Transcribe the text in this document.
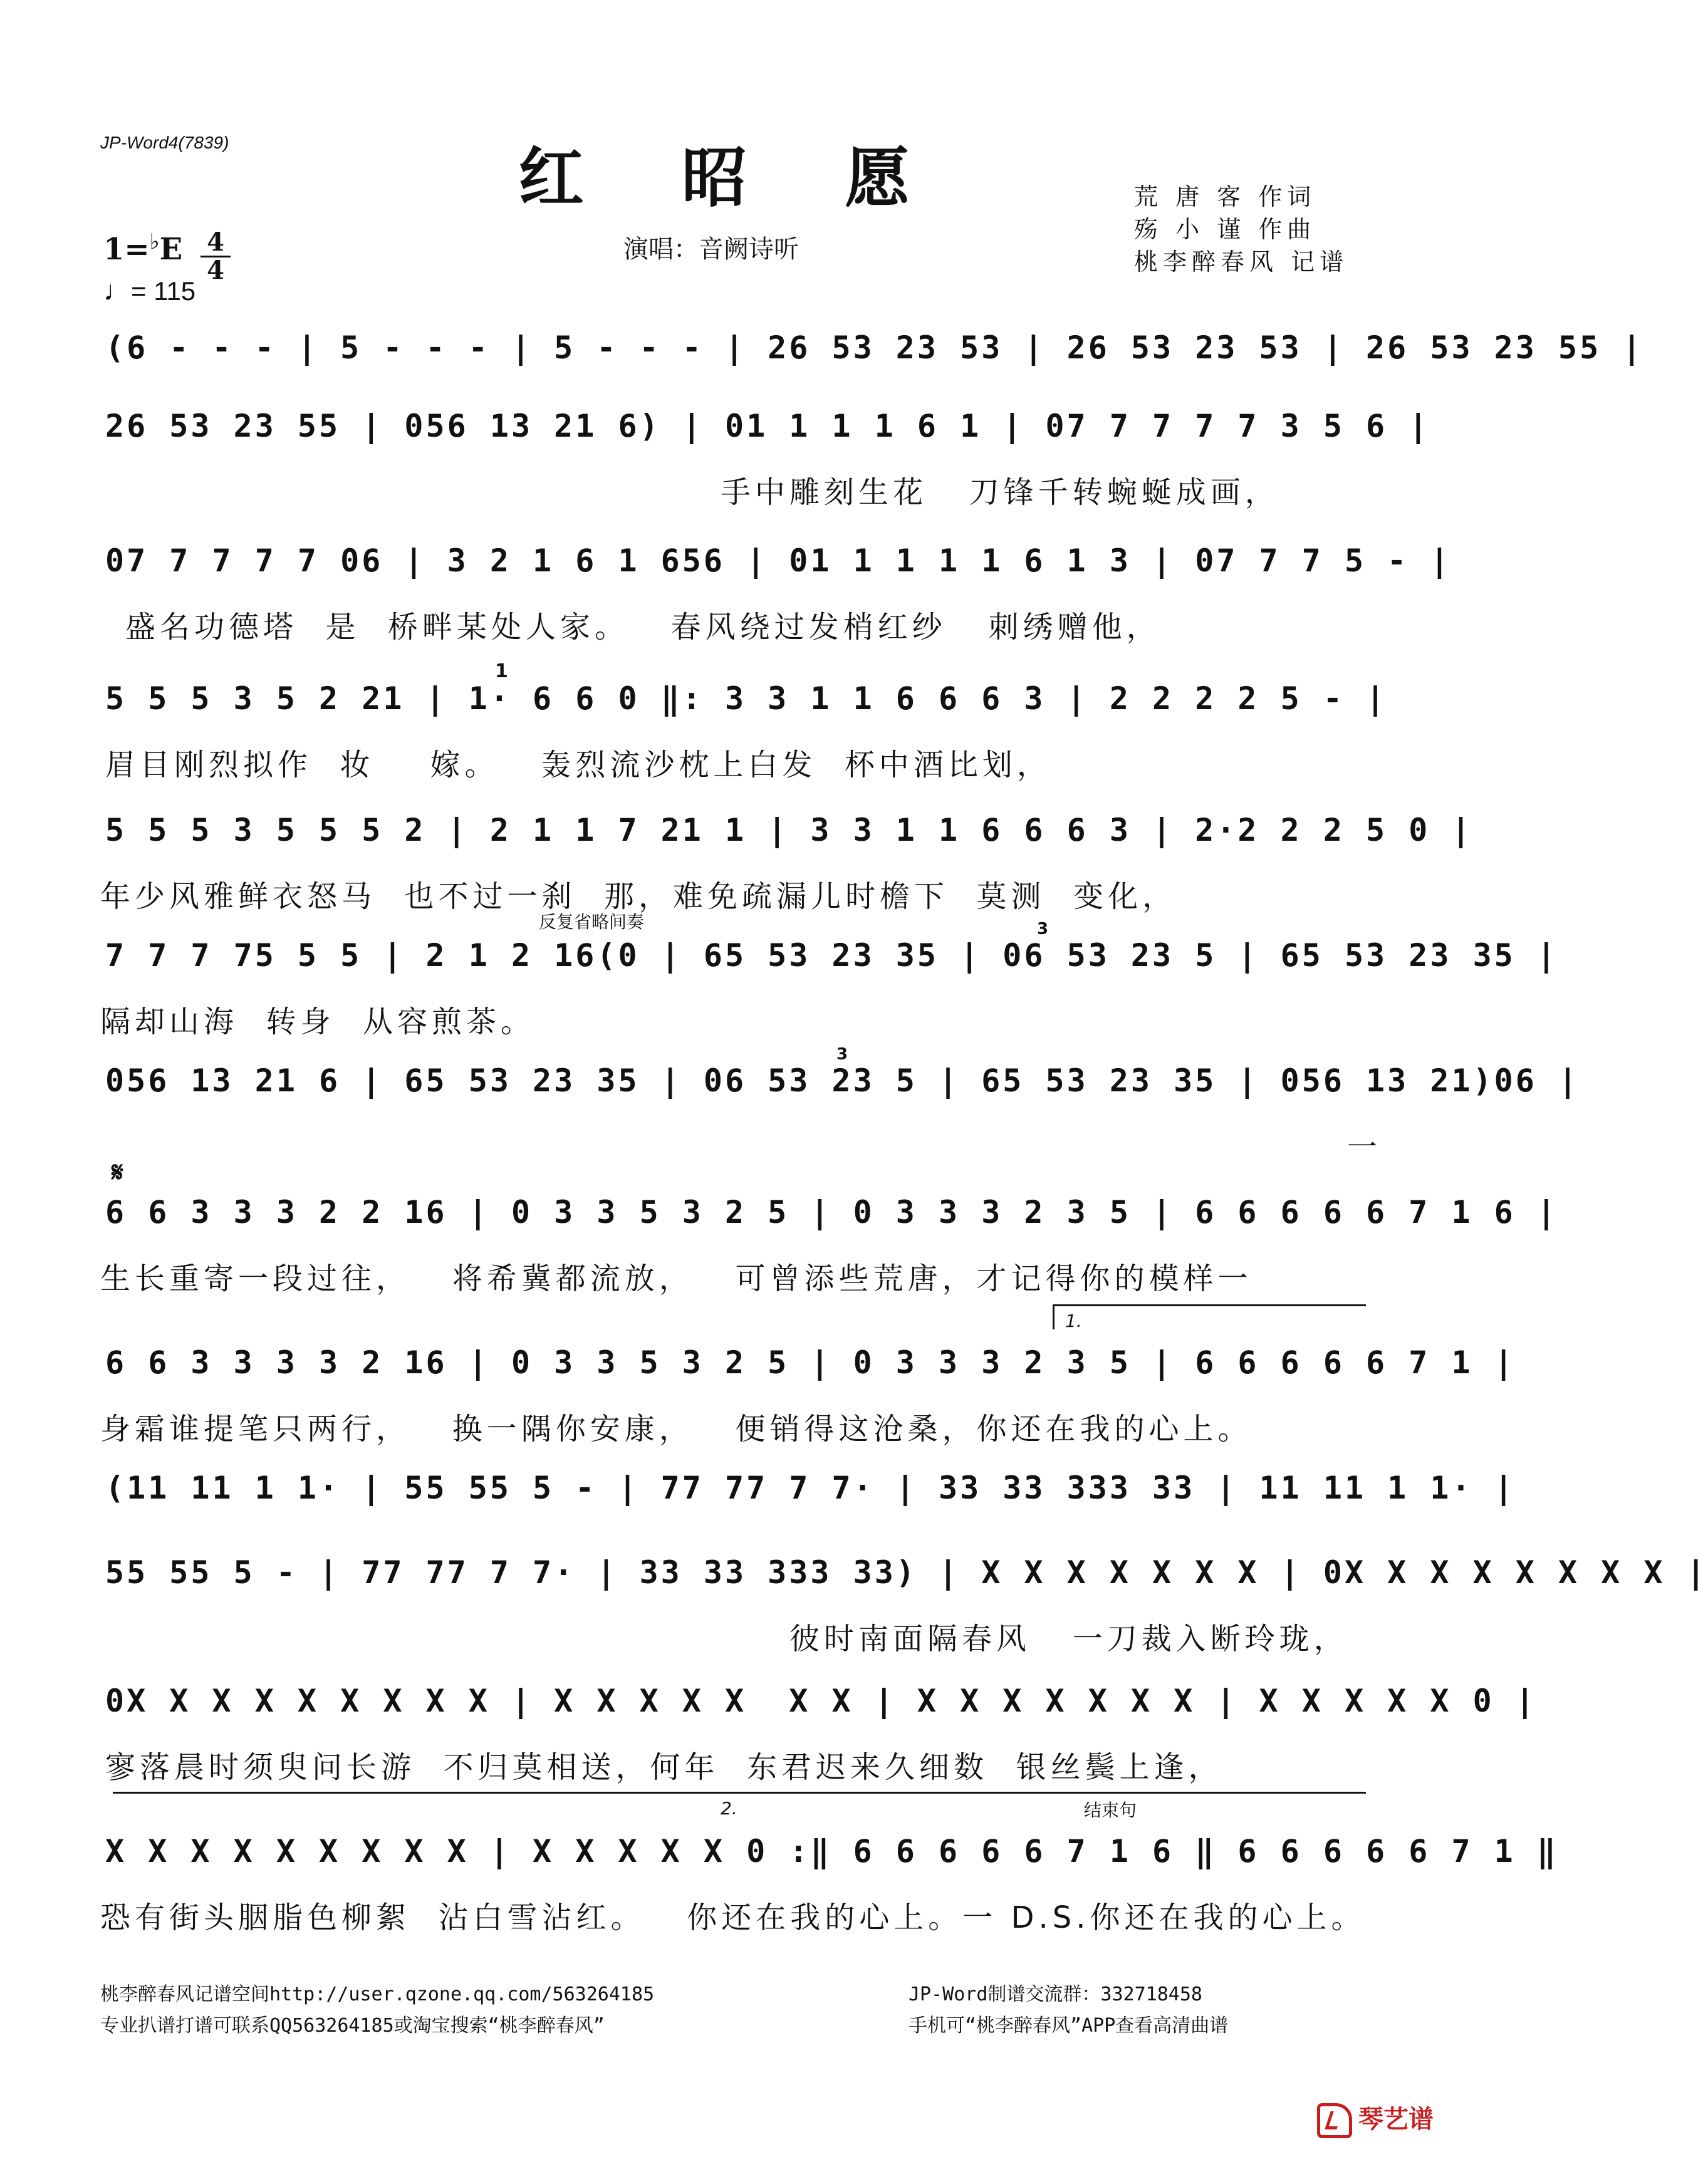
JP-Word4(7839)	红 昭 愿
演唱：音阙诗听
荒 唐 客 作词
殇 小 谨 作曲
桃李醉春风 记谱
1=♭E 4
4
♩= 115
(6 - - - | 5 - - - | 5 - - - | 26 53 23 53 | 26 53 23 53 | 26 53 23 55 |
26 53 23 55 | 056 13 21 6) | 01 1 1 1 6 1 | 07 7 7 7 7 3 5 6 |
手中雕刻生花   刀锋千转蜿蜒成画，
07 7 7 7 7 06 | 3 2 1 6 1 656 | 01 1 1 1 1 6 1 3 | 07 7 7 5 - |
盛名功德塔  是  桥畔某处人家。   春风绕过发梢红纱   刺绣赠他，
1
5 5 5 3 5 2 21 | 1· 6 6 0 ‖: 3 3 1 1 6 6 6 3 | 2 2 2 2 5 - |
眉目刚烈拟作  妆    嫁。   轰烈流沙枕上白发  杯中酒比划，
5 5 5 3 5 5 5 2 | 2 1 1 7 21 1 | 3 3 1 1 6 6 6 3 | 2·2 2 2 5 0 |
年少风雅鲜衣怒马  也不过一刹  那，难免疏漏儿时檐下  莫测  变化，
反复省略间奏	3
7 7 7 75 5 5 | 2 1 2 16(0 | 65 53 23 35 | 06 53 23 5 | 65 53 23 35 |
隔却山海  转身  从容煎茶。
3
056 13 21 6 | 65 53 23 35 | 06 53 23 5 | 65 53 23 35 | 056 13 21)06 |
一
𝄋
6 6 3 3 3 2 2 16 | 0 3 3 5 3 2 5 | 0 3 3 3 2 3 5 | 6 6 6 6 6 7 1 6 |
生长重寄一段过往，   将希冀都流放，   可曾添些荒唐，才记得你的模样一
1.
6 6 3 3 3 3 2 16 | 0 3 3 5 3 2 5 | 0 3 3 3 2 3 5 | 6 6 6 6 6 7 1 |
身霜谁提笔只两行，   换一隅你安康，   便销得这沧桑，你还在我的心上。
(11 11 1 1· | 55 55 5 - | 77 77 7 7· | 33 33 333 33 | 11 11 1 1· |
55 55 5 - | 77 77 7 7· | 33 33 333 33) | X X X X X X X | 0X X X X X X X X |
彼时南面隔春风   一刀裁入断玲珑，
0X X X X X X X X X | X X X X X  X X | X X X X X X X | X X X X X 0 |
寥落晨时须臾问长游  不归莫相送，何年  东君迟来久细数  银丝鬓上逢，
2.	结束句
X X X X X X X X X | X X X X X 0 :‖ 6 6 6 6 6 7 1 6 ‖ 6 6 6 6 6 7 1 ‖
恐有街头胭脂色柳絮  沾白雪沾红。   你还在我的心上。一 D.S.你还在我的心上。
桃李醉春风记谱空间http://user.qzone.qq.com/563264185
专业扒谱打谱可联系QQ563264185或淘宝搜索“桃李醉春风”
JP-Word制谱交流群：332718458
手机可“桃李醉春风”APP查看高清曲谱
琴艺谱
